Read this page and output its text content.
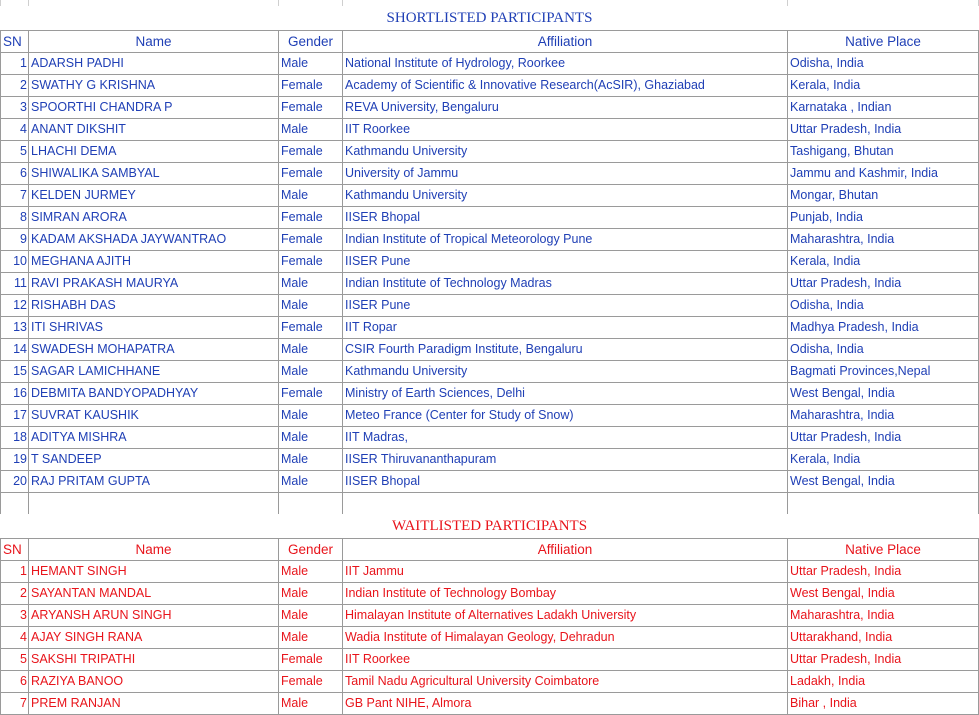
SHORTLISTED PARTICIPANTS				
SN	Name	Gender	Affiliation	Native Place
1	ADARSH PADHI	Male	National Institute of Hydrology, Roorkee	Odisha, India
2	SWATHY G KRISHNA	Female	Academy of Scientific & Innovative Research(AcSIR), Ghaziabad	Kerala, India
3	SPOORTHI CHANDRA P	Female	REVA University, Bengaluru	Karnataka , Indian
4	ANANT DIKSHIT	Male	IIT Roorkee	Uttar Pradesh, India
5	LHACHI DEMA	Female	Kathmandu University	Tashigang, Bhutan
6	SHIWALIKA SAMBYAL	Female	University of Jammu	Jammu and Kashmir, India
7	KELDEN JURMEY	Male	Kathmandu University	Mongar, Bhutan
8	SIMRAN ARORA	Female	IISER Bhopal	Punjab, India
9	KADAM AKSHADA JAYWANTRAO	Female	Indian Institute of Tropical Meteorology Pune	Maharashtra, India
10	MEGHANA AJITH	Female	IISER Pune	Kerala, India
11	RAVI PRAKASH MAURYA	Male	Indian Institute of Technology Madras	Uttar Pradesh, India
12	RISHABH DAS	Male	IISER Pune	Odisha, India
13	ITI SHRIVAS	Female	IIT Ropar	Madhya Pradesh, India
14	SWADESH MOHAPATRA	Male	CSIR Fourth Paradigm Institute, Bengaluru	Odisha, India
15	SAGAR LAMICHHANE	Male	Kathmandu University	Bagmati Provinces,Nepal
16	DEBMITA BANDYOPADHYAY	Female	Ministry of Earth Sciences, Delhi	West Bengal, India
17	SUVRAT KAUSHIK	Male	Meteo France (Center for Study of Snow)	Maharashtra, India
18	ADITYA MISHRA	Male	IIT Madras,	Uttar Pradesh, India
19	T SANDEEP	Male	IISER Thiruvananthapuram	Kerala, India
20	RAJ PRITAM GUPTA	Male	IISER Bhopal	West Bengal, India

WAITLISTED PARTICIPANTS				
SN	Name	Gender	Affiliation	Native Place
1	HEMANT SINGH	Male	IIT Jammu	Uttar Pradesh, India
2	SAYANTAN MANDAL	Male	Indian Institute of Technology Bombay	West Bengal, India
3	ARYANSH ARUN SINGH	Male	Himalayan Institute of Alternatives Ladakh University	Maharashtra, India
4	AJAY SINGH RANA	Male	Wadia Institute of Himalayan Geology, Dehradun	Uttarakhand, India
5	SAKSHI TRIPATHI	Female	IIT Roorkee	Uttar Pradesh, India
6	RAZIYA BANOO	Female	Tamil Nadu Agricultural University Coimbatore	Ladakh, India
7	PREM RANJAN	Male	GB Pant NIHE, Almora	Bihar , India
